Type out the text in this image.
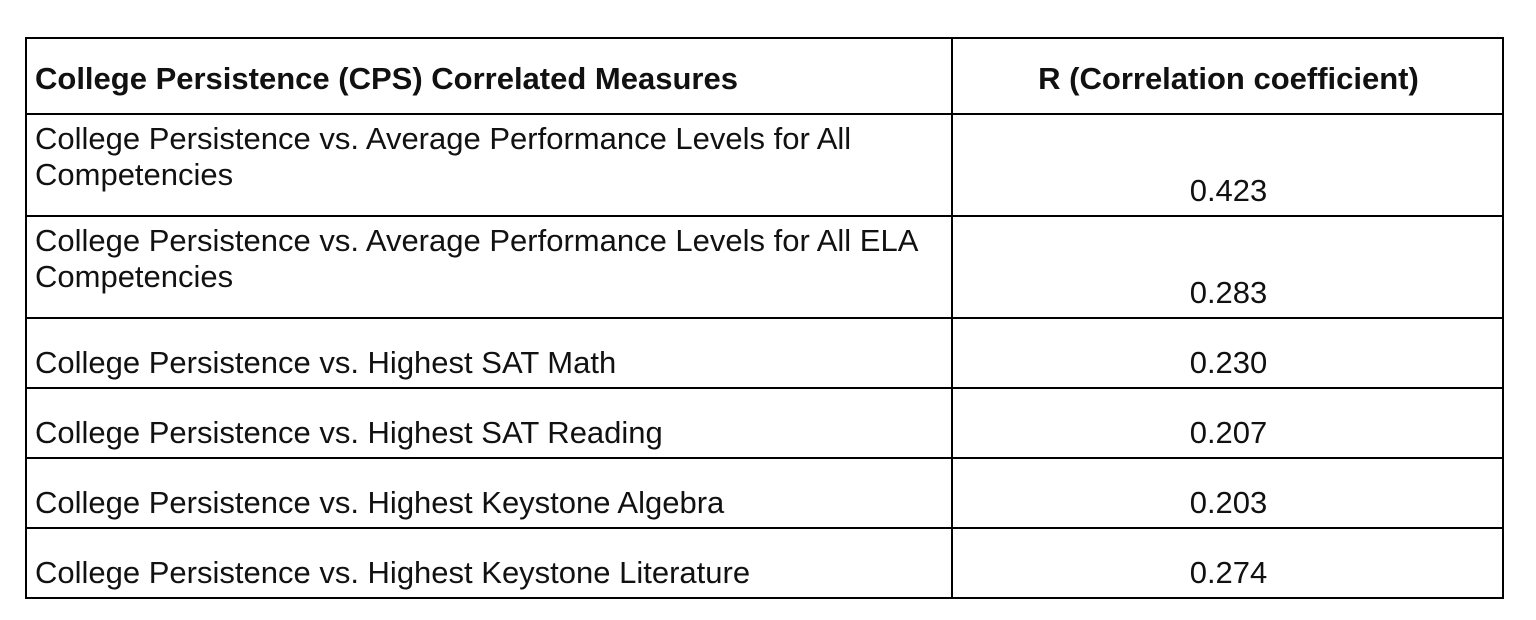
College Persistence (CPS) Correlated Measures	R (Correlation coefficient)
College Persistence vs. Average Performance Levels for All Competencies	0.423
College Persistence vs. Average Performance Levels for All ELA Competencies	0.283
College Persistence vs. Highest SAT Math	0.230
College Persistence vs. Highest SAT Reading	0.207
College Persistence vs. Highest Keystone Algebra	0.203
College Persistence vs. Highest Keystone Literature	0.274
